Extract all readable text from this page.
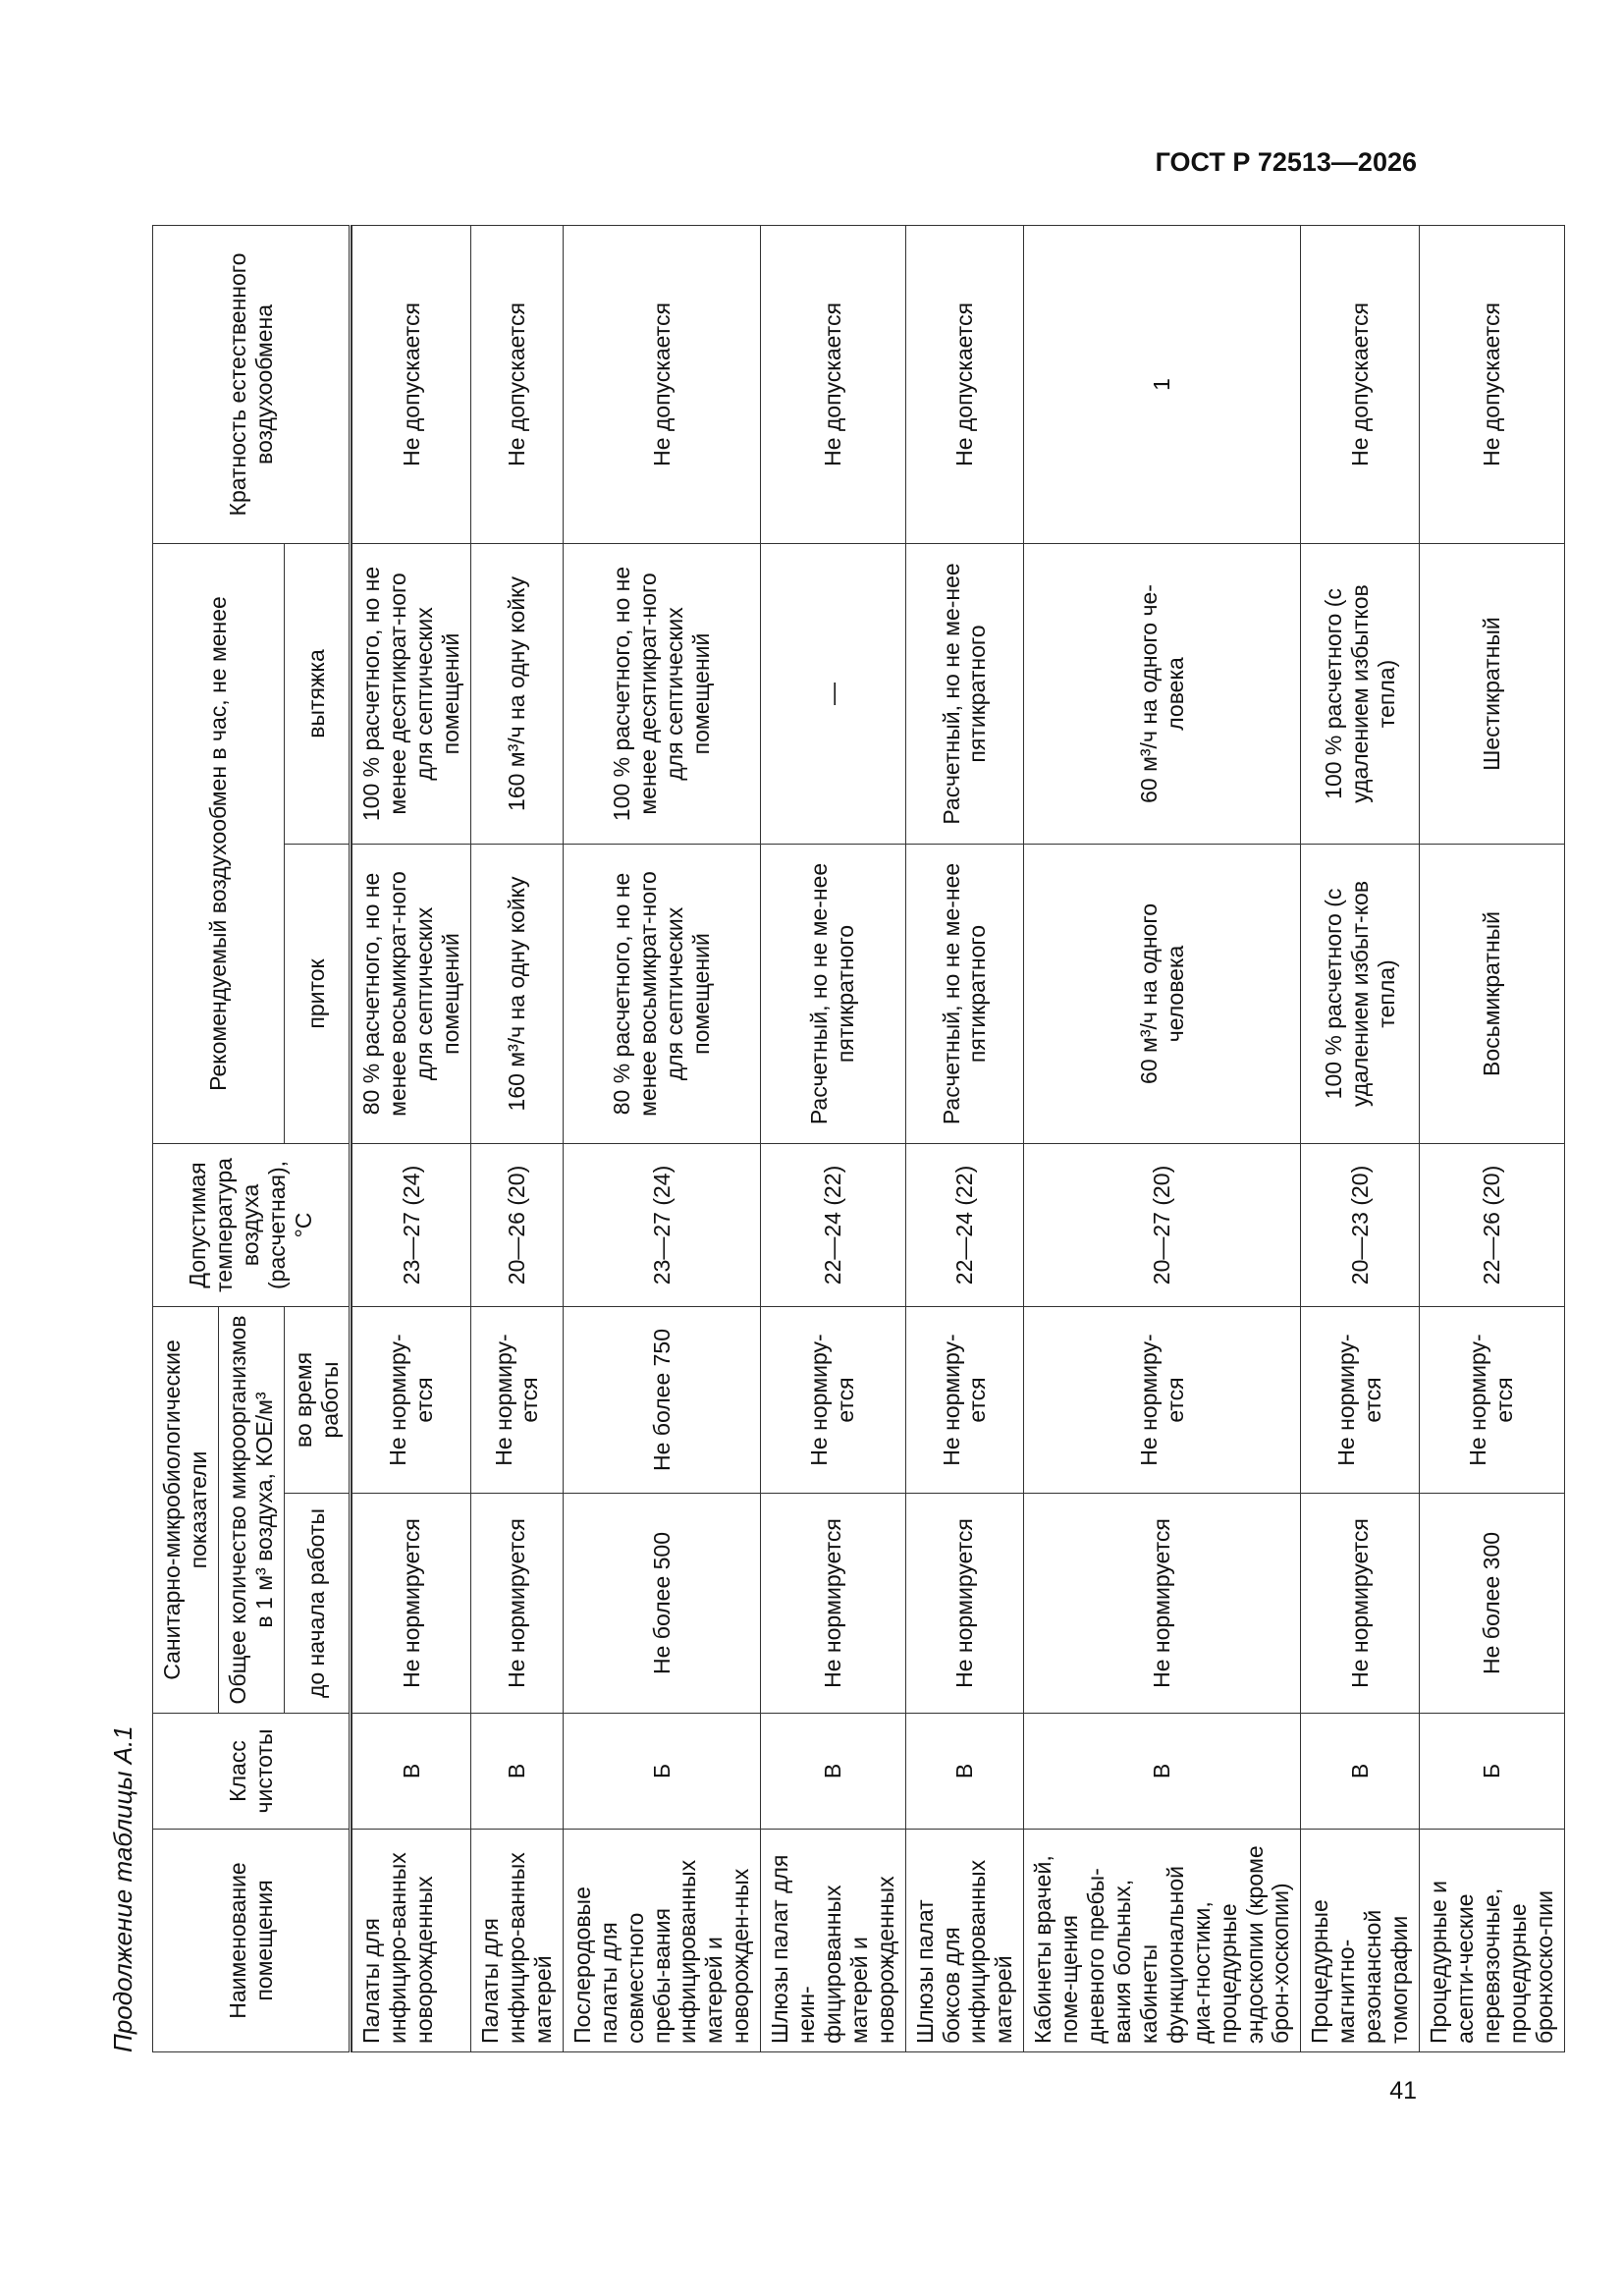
ГОСТ Р 72513—2026
41
Продолжение таблицы А.1	Наименование помещения	Класс чистоты	Санитарно-микробиологические показатели		Допустимая температура воздуха (расчетная), °С	Рекомендуемый воздухообмен в час, не менее		Кратность естественного воздухообмена
		Общее количество микроорганизмов в 1 м³ воздуха, КОЕ/м³					
		до начала работы	во время работы		приток	вытяжка	

Палаты для инфициро-ванных новорожденных	В	Не нормируется	Не нормиру-ется	23—27 (24)	80 % расчетного, но не менее восьмикрат-ного для септических помещений	100 % расчетного, но не менее десятикрат-ного для септических помещений	Не допускается
Палаты для инфициро-ванных матерей	В	Не нормируется	Не нормиру-ется	20—26 (20)	160 м³/ч на одну койку	160 м³/ч на одну койку	Не допускается
Послеродовые палаты для совместного пребы-вания инфицированных матерей и новорожден-ных	Б	Не более 500	Не более 750	23—27 (24)	80 % расчетного, но не менее восьмикрат-ного для септических помещений	100 % расчетного, но не менее десятикрат-ного для септических помещений	Не допускается
Шлюзы палат для неин-фицированных матерей и новорожденных	В	Не нормируется	Не нормиру-ется	22—24 (22)	Расчетный, но не ме-нее пятикратного	—	Не допускается
Шлюзы палат боксов для инфицированных матерей	В	Не нормируется	Не нормиру-ется	22—24 (22)	Расчетный, но не ме-нее пятикратного	Расчетный, но не ме-нее пятикратного	Не допускается
Кабинеты врачей, поме-щения дневного пребы-вания больных, кабинеты функциональной диа-гностики, процедурные эндоскопии (кроме брон-хоскопии)	В	Не нормируется	Не нормиру-ется	20—27 (20)	60 м³/ч на одного человека	60 м³/ч на одного че-ловека	1
Процедурные магнитно-резонансной томографии	В	Не нормируется	Не нормиру-ется	20—23 (20)	100 % расчетного (с удалением избыт-ков тепла)	100 % расчетного (с удалением избытков тепла)	Не допускается
Процедурные и асепти-ческие перевязочные, процедурные бронхоско-пии	Б	Не более 300	Не нормиру-ется	22—26 (20)	Восьмикратный	Шестикратный	Не допускается
